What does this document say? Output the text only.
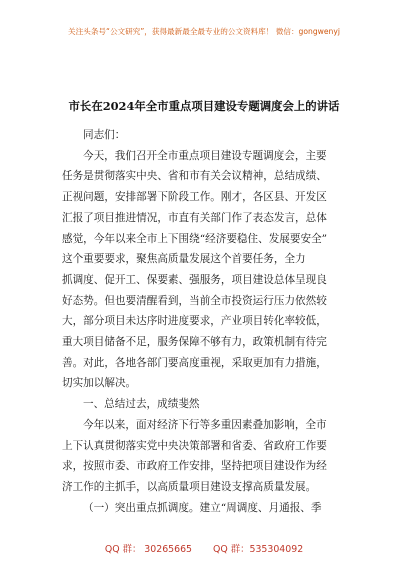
关注头条号“公文研究”，获得最新最全最专业的公文资料库！ 微信：gongwenyj
市长在2024年全市重点项目建设专题调度会上的讲话

同志们：

今天，我们召开全市重点项目建设专题调度会，主要

任务是贯彻落实中央、省和市有关会议精神，总结成绩、

正视问题，安排部署下阶段工作。刚才，各区县、开发区

汇报了项目推进情况，市直有关部门作了表态发言，总体

感觉，今年以来全市上下围绕“经济要稳住、发展要安全”

这个重要要求，聚焦高质量发展这个首要任务，全力

抓调度、促开工、保要素、强服务，项目建设总体呈现良

好态势。但也要清醒看到，当前全市投资运行压力依然较

大，部分项目未达序时进度要求，产业项目转化率较低，

重大项目储备不足，服务保障不够有力，政策机制有待完

善。对此，各地各部门要高度重视，采取更加有力措施，

切实加以解决。

一、总结过去，成绩斐然

今年以来，面对经济下行等多重因素叠加影响，全市

上下认真贯彻落实党中央决策部署和省委、省政府工作要

求，按照市委、市政府工作安排，坚持把项目建设作为经

济工作的主抓手，以高质量项目建设支撑高质量发展。

（一）突出重点抓调度。建立“周调度、月通报、季

QQ 群： 30265665 QQ 群：535304092
